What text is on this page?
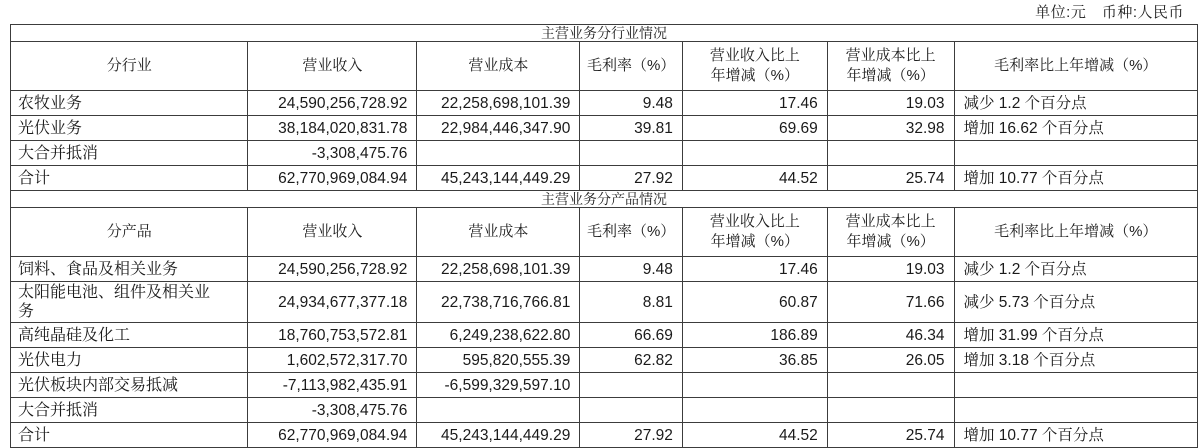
单位:元　币种:人民币
主营业务分行业情况						
分行业	营业收入	营业成本	毛利率（%）	营业收入比上年增减（%）	营业成本比上年增减（%）	毛利率比上年增减（%）
农牧业务	24,590,256,728.92	22,258,698,101.39	9.48	17.46	19.03	减少 1.2 个百分点
光伏业务	38,184,020,831.78	22,984,446,347.90	39.81	69.69	32.98	增加 16.62 个百分点
大合并抵消	-3,308,475.76					
合计	62,770,969,084.94	45,243,144,449.29	27.92	44.52	25.74	增加 10.77 个百分点
主营业务分产品情况						
分产品	营业收入	营业成本	毛利率（%）	营业收入比上年增减（%）	营业成本比上年增减（%）	毛利率比上年增减（%）
饲料、食品及相关业务	24,590,256,728.92	22,258,698,101.39	9.48	17.46	19.03	减少 1.2 个百分点
太阳能电池、组件及相关业务	24,934,677,377.18	22,738,716,766.81	8.81	60.87	71.66	减少 5.73 个百分点
高纯晶硅及化工	18,760,753,572.81	6,249,238,622.80	66.69	186.89	46.34	增加 31.99 个百分点
光伏电力	1,602,572,317.70	595,820,555.39	62.82	36.85	26.05	增加 3.18 个百分点
光伏板块内部交易抵减	-7,113,982,435.91	-6,599,329,597.10				
大合并抵消	-3,308,475.76					
合计	62,770,969,084.94	45,243,144,449.29	27.92	44.52	25.74	增加 10.77 个百分点
